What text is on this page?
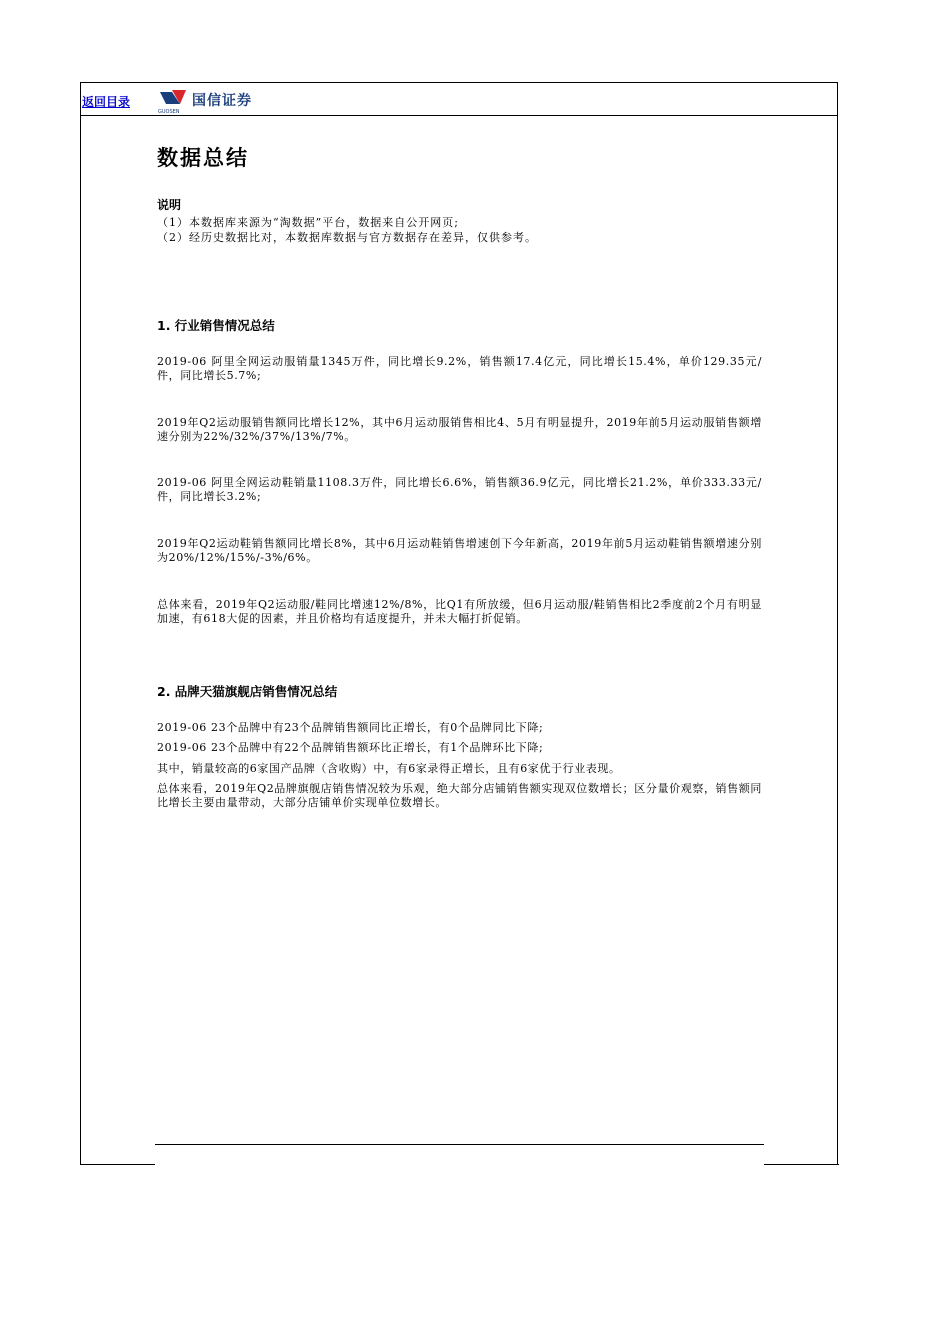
返回目录
GUOSEN
国信证券
数据总结
说明
（1）本数据库来源为“淘数据”平台，数据来自公开网页;
（2）经历史数据比对，本数据库数据与官方数据存在差异，仅供参考。
1. 行业销售情况总结

2019-06 阿里全网运动服销量1345万件，同比增长9.2%，销售额17.4亿元，同比增长15.4%，单价129.35元/件，同比增长5.7%;

2019年Q2运动服销售额同比增长12%，其中6月运动服销售相比4、5月有明显提升，2019年前5月运动服销售额增速分别为22%/32%/37%/13%/7%。

2019-06 阿里全网运动鞋销量1108.3万件，同比增长6.6%，销售额36.9亿元，同比增长21.2%，单价333.33元/件，同比增长3.2%;

2019年Q2运动鞋销售额同比增长8%，其中6月运动鞋销售增速创下今年新高，2019年前5月运动鞋销售额增速分别为20%/12%/15%/-3%/6%。

总体来看，2019年Q2运动服/鞋同比增速12%/8%，比Q1有所放缓，但6月运动服/鞋销售相比2季度前2个月有明显加速，有618大促的因素，并且价格均有适度提升，并未大幅打折促销。

2. 品牌天猫旗舰店销售情况总结

2019-06 23个品牌中有23个品牌销售额同比正增长，有0个品牌同比下降;

2019-06 23个品牌中有22个品牌销售额环比正增长，有1个品牌环比下降;

其中，销量较高的6家国产品牌（含收购）中，有6家录得正增长，且有6家优于行业表现。

总体来看，2019年Q2品牌旗舰店销售情况较为乐观，绝大部分店铺销售额实现双位数增长；区分量价观察，销售额同比增长主要由量带动，大部分店铺单价实现单位数增长。
